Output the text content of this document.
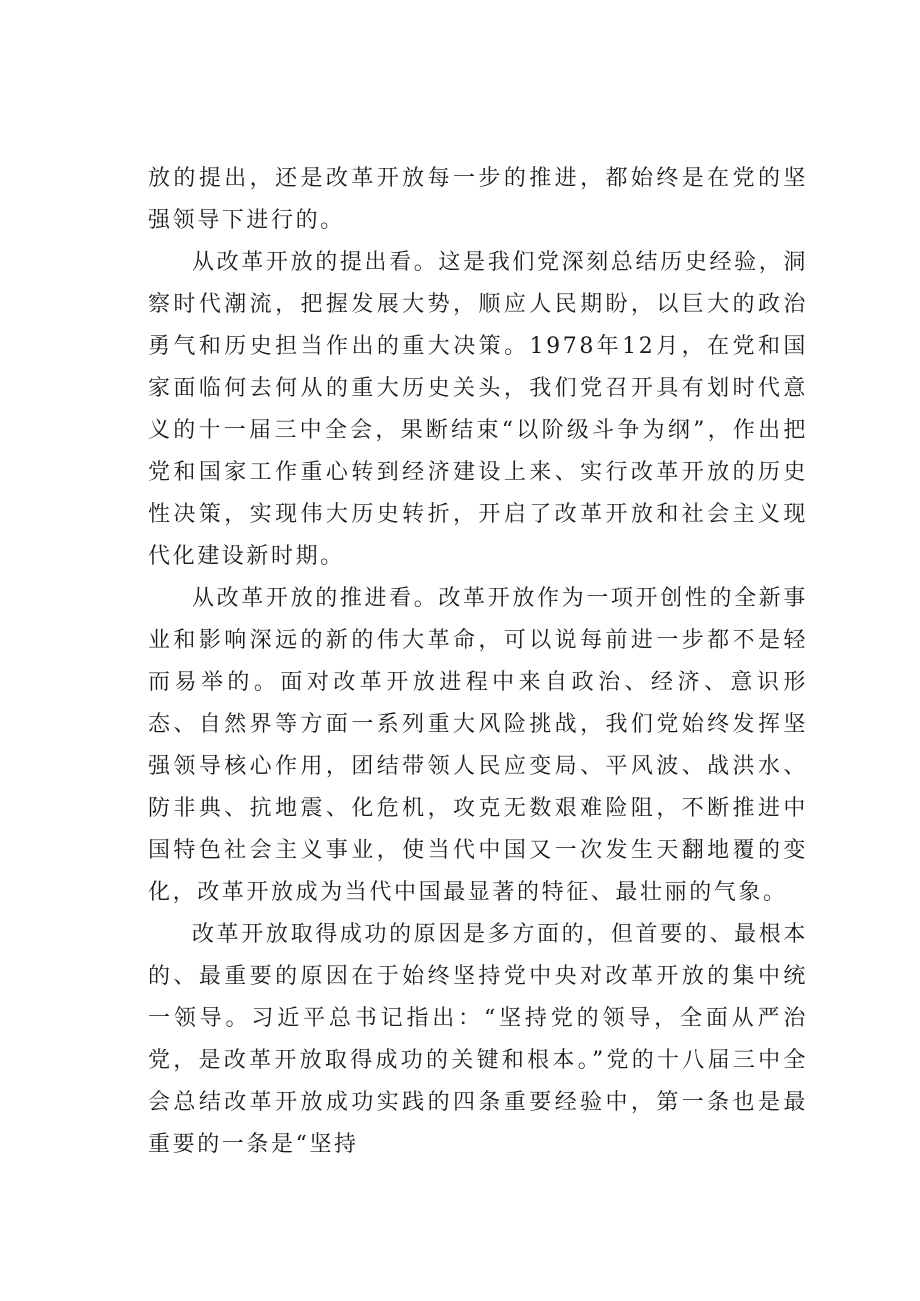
放的提出，还是改革开放每一步的推进，都始终是在党的坚强领导下进行的。

从改革开放的提出看。这是我们党深刻总结历史经验，洞察时代潮流，把握发展大势，顺应人民期盼，以巨大的政治勇气和历史担当作出的重大决策。1978年12月，在党和国家面临何去何从的重大历史关头，我们党召开具有划时代意义的十一届三中全会，果断结束“以阶级斗争为纲”，作出把党和国家工作重心转到经济建设上来、实行改革开放的历史性决策，实现伟大历史转折，开启了改革开放和社会主义现代化建设新时期。

从改革开放的推进看。改革开放作为一项开创性的全新事业和影响深远的新的伟大革命，可以说每前进一步都不是轻而易举的。面对改革开放进程中来自政治、经济、意识形态、自然界等方面一系列重大风险挑战，我们党始终发挥坚强领导核心作用，团结带领人民应变局、平风波、战洪水、防非典、抗地震、化危机，攻克无数艰难险阻，不断推进中国特色社会主义事业，使当代中国又一次发生天翻地覆的变化，改革开放成为当代中国最显著的特征、最壮丽的气象。

改革开放取得成功的原因是多方面的，但首要的、最根本的、最重要的原因在于始终坚持党中央对改革开放的集中统一领导。习近平总书记指出：“坚持党的领导，全面从严治党，是改革开放取得成功的关键和根本。”党的十八届三中全会总结改革开放成功实践的四条重要经验中，第一条也是最重要的一条是“坚持
